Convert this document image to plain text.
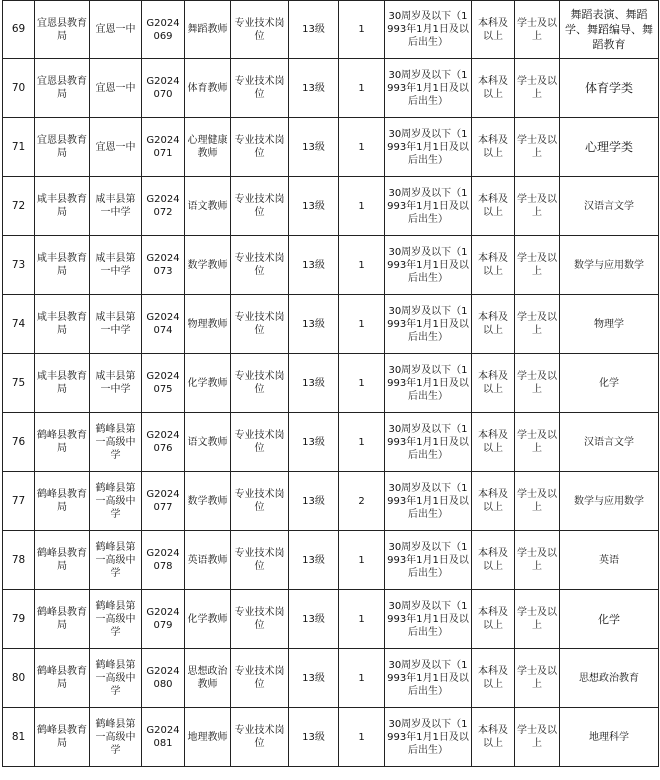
69	宜恩县教育局	宜恩一中	G2024069	舞蹈教师	专业技术岗位	13级	1	30周岁及以下（1993年1月1日及以后出生）	本科及以上	学士及以上	舞蹈表演、舞蹈学、舞蹈编导、舞蹈教育
70	宜恩县教育局	宜恩一中	G2024070	体育教师	专业技术岗位	13级	1	30周岁及以下（1993年1月1日及以后出生）	本科及以上	学士及以上	体育学类
71	宜恩县教育局	宜恩一中	G2024071	心理健康教师	专业技术岗位	13级	1	30周岁及以下（1993年1月1日及以后出生）	本科及以上	学士及以上	心理学类
72	咸丰县教育局	咸丰县第一中学	G2024072	语文教师	专业技术岗位	13级	1	30周岁及以下（1993年1月1日及以后出生）	本科及以上	学士及以上	汉语言文学
73	咸丰县教育局	咸丰县第一中学	G2024073	数学教师	专业技术岗位	13级	1	30周岁及以下（1993年1月1日及以后出生）	本科及以上	学士及以上	数学与应用数学
74	咸丰县教育局	咸丰县第一中学	G2024074	物理教师	专业技术岗位	13级	1	30周岁及以下（1993年1月1日及以后出生）	本科及以上	学士及以上	物理学
75	咸丰县教育局	咸丰县第一中学	G2024075	化学教师	专业技术岗位	13级	1	30周岁及以下（1993年1月1日及以后出生）	本科及以上	学士及以上	化学
76	鹤峰县教育局	鹤峰县第一高级中学	G2024076	语文教师	专业技术岗位	13级	1	30周岁及以下（1993年1月1日及以后出生）	本科及以上	学士及以上	汉语言文学
77	鹤峰县教育局	鹤峰县第一高级中学	G2024077	数学教师	专业技术岗位	13级	2	30周岁及以下（1993年1月1日及以后出生）	本科及以上	学士及以上	数学与应用数学
78	鹤峰县教育局	鹤峰县第一高级中学	G2024078	英语教师	专业技术岗位	13级	1	30周岁及以下（1993年1月1日及以后出生）	本科及以上	学士及以上	英语
79	鹤峰县教育局	鹤峰县第一高级中学	G2024079	化学教师	专业技术岗位	13级	1	30周岁及以下（1993年1月1日及以后出生）	本科及以上	学士及以上	化学
80	鹤峰县教育局	鹤峰县第一高级中学	G2024080	思想政治教师	专业技术岗位	13级	1	30周岁及以下（1993年1月1日及以后出生）	本科及以上	学士及以上	思想政治教育
81	鹤峰县教育局	鹤峰县第一高级中学	G2024081	地理教师	专业技术岗位	13级	1	30周岁及以下（1993年1月1日及以后出生）	本科及以上	学士及以上	地理科学
